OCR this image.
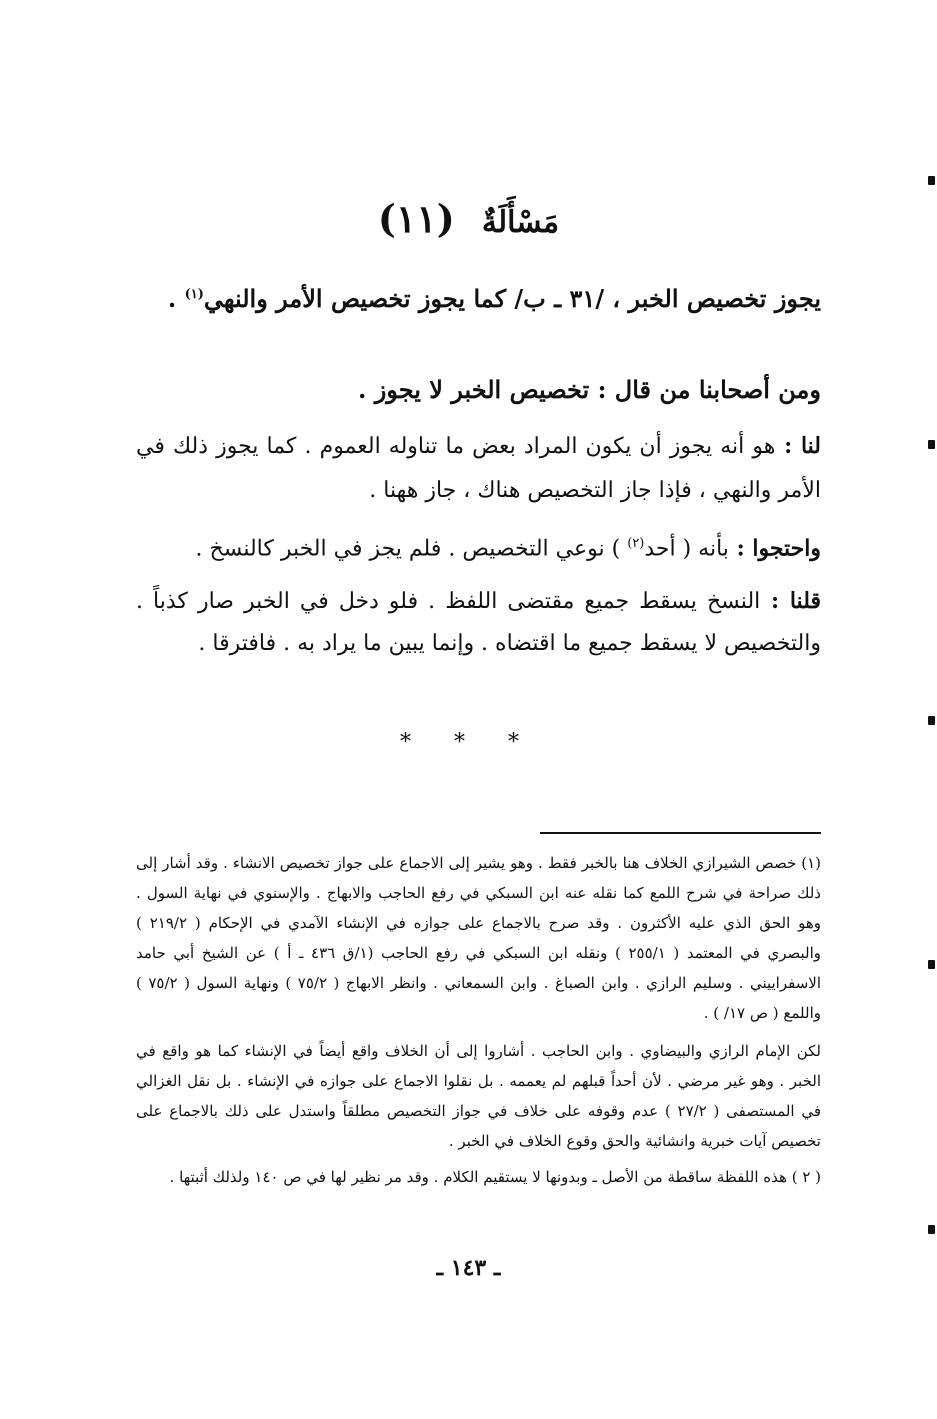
مَسْأَلَةٌ (١١)
يجوز تخصيص الخبر ، /٣١ ـ ب/ كما يجوز تخصيص الأمر والنهي$^{(١)}$ .
ومن أصحابنا من قال : تخصيص الخبر لا يجوز .
لنا : هو أنه يجوز أن يكون المراد بعض ما تناوله العموم . كما يجوز ذلك في الأمر والنهي ، فإذا جاز التخصيص هناك ، جاز ههنا .
واحتجوا : بأنه ( أحد$^{(٢)}$ ) نوعي التخصيص . فلم يجز في الخبر كالنسخ .
قلنا : النسخ يسقط جميع مقتضى اللفظ . فلو دخل في الخبر صار كذباً . والتخصيص لا يسقط جميع ما اقتضاه . وإنما يبين ما يراد به . فافترقا .
* * *
(١) خصص الشيرازي الخلاف هنا بالخبر فقط . وهو يشير إلى الاجماع على جواز تخصيص الانشاء . وقد أشار إلى ذلك صراحة في شرح اللمع كما نقله عنه ابن السبكي في رفع الحاجب والابهاج . والإسنوي في نهاية السول . وهو الحق الذي عليه الأكثرون . وقد صرح بالاجماع على جوازه في الإنشاء الآمدي في الإحكام ( ٢١٩/٢ ) والبصري في المعتمد ( ٢٥٥/١ ) ونقله ابن السبكي في رفع الحاجب (١/ق ٤٣٦ ـ أ ) عن الشيخ أبي حامد الاسفراييني . وسليم الرازي . وابن الصباغ . وابن السمعاني . وانظر الابهاج ( ٧٥/٢ ) ونهاية السول ( ٧٥/٢ ) واللمع ( ص ١٧/ ) .
لكن الإمام الرازي والبيضاوي . وابن الحاجب . أشاروا إلى أن الخلاف واقع أيضاً في الإنشاء كما هو واقع في الخبر . وهو غير مرضي . لأن أحداً قبلهم لم يعممه . بل نقلوا الاجماع على جوازه في الإنشاء . بل نقل الغزالي في المستصفى ( ٢٧/٢ ) عدم وقوفه على خلاف في جواز التخصيص مطلقاً واستدل على ذلك بالاجماع على تخصيص آيات خبرية وانشائية والحق وقوع الخلاف في الخبر .
( ٢ ) هذه اللفظة ساقطة من الأصل ـ وبدونها لا يستقيم الكلام . وقد مر نظير لها في ص ١٤٠ ولذلك أثبتها .
ـ ١٤٣ ـ
